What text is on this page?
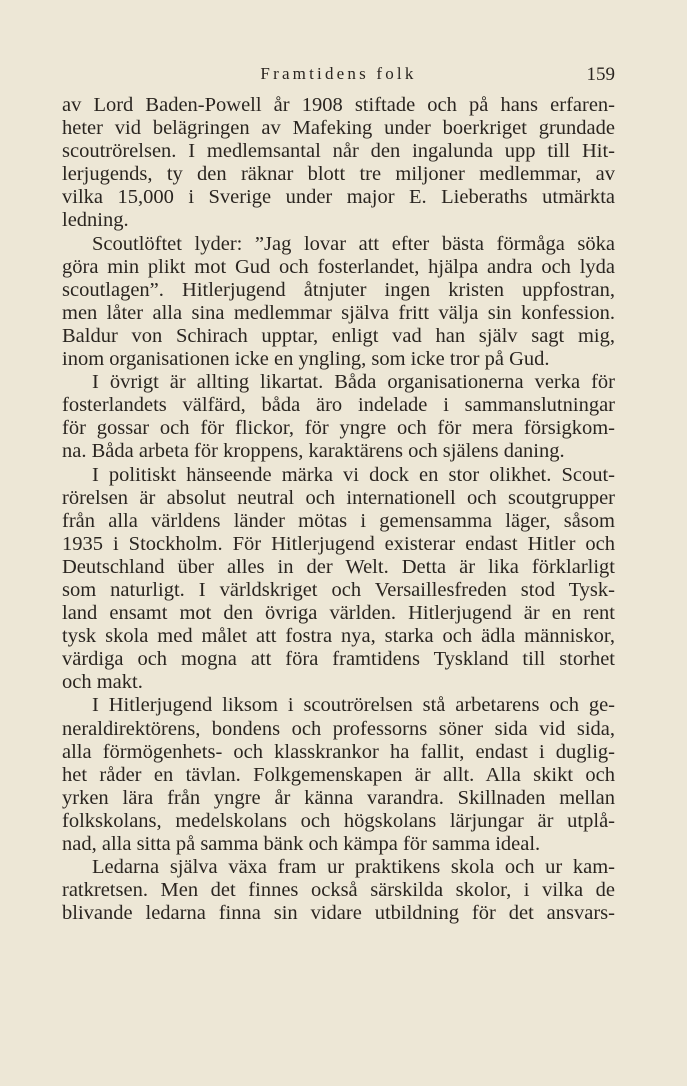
Framtidens folk	159
av Lord Baden-Powell år 1908 stiftade och på hans erfaren-
heter vid belägringen av Mafeking under boerkriget grundade
scoutrörelsen. I medlemsantal når den ingalunda upp till Hit-
lerjugends, ty den räknar blott tre miljoner medlemmar, av
vilka 15,000 i Sverige under major E. Lieberaths utmärkta
ledning.
Scoutlöftet lyder: ”Jag lovar att efter bästa förmåga söka
göra min plikt mot Gud och fosterlandet, hjälpa andra och lyda
scoutlagen”. Hitlerjugend åtnjuter ingen kristen uppfostran,
men låter alla sina medlemmar själva fritt välja sin konfession.
Baldur von Schirach upptar, enligt vad han själv sagt mig,
inom organisationen icke en yngling, som icke tror på Gud.
I övrigt är allting likartat. Båda organisationerna verka för
fosterlandets välfärd, båda äro indelade i sammanslutningar
för gossar och för flickor, för yngre och för mera försigkom-
na. Båda arbeta för kroppens, karaktärens och själens daning.
I politiskt hänseende märka vi dock en stor olikhet. Scout-
rörelsen är absolut neutral och internationell och scoutgrupper
från alla världens länder mötas i gemensamma läger, såsom
1935 i Stockholm. För Hitlerjugend existerar endast Hitler och
Deutschland über alles in der Welt. Detta är lika förklarligt
som naturligt. I världskriget och Versaillesfreden stod Tysk-
land ensamt mot den övriga världen. Hitlerjugend är en rent
tysk skola med målet att fostra nya, starka och ädla människor,
värdiga och mogna att föra framtidens Tyskland till storhet
och makt.
I Hitlerjugend liksom i scoutrörelsen stå arbetarens och ge-
neraldirektörens, bondens och professorns söner sida vid sida,
alla förmögenhets- och klasskrankor ha fallit, endast i duglig-
het råder en tävlan. Folkgemenskapen är allt. Alla skikt och
yrken lära från yngre år känna varandra. Skillnaden mellan
folkskolans, medelskolans och högskolans lärjungar är utplå-
nad, alla sitta på samma bänk och kämpa för samma ideal.
Ledarna själva växa fram ur praktikens skola och ur kam-
ratkretsen. Men det finnes också särskilda skolor, i vilka de
blivande ledarna finna sin vidare utbildning för det ansvars-
